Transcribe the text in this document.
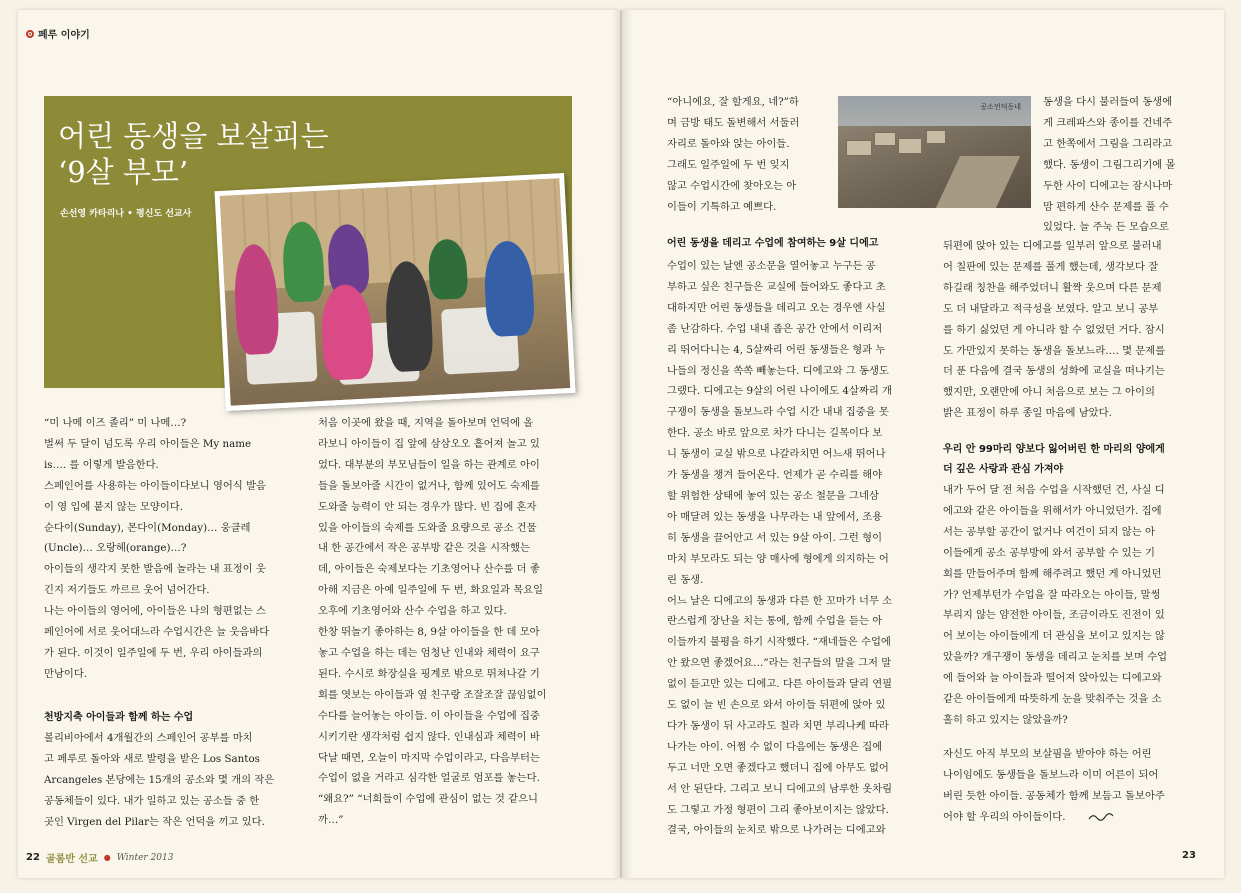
페루 이야기
어린 동생을 보살피는
‘9살 부모’
손선영 카타리나 • 평신도 선교사
공소언덕동네
“미 나메 이즈 졸리” 미 나메…?
벌써 두 달이 넘도록 우리 아이들은 My name
is…. 를 이렇게 발음한다.
스페인어를 사용하는 아이들이다보니 영어식 발음
이 영 입에 붙지 않는 모양이다.
순다이(Sunday), 몬다이(Monday)… 웅클레
(Uncle)… 오랑헤(orange)…?
아이들의 생각지 못한 발음에 놀라는 내 표정이 웃
긴지 저기들도 까르르 웃어 넘어간다.
나는 아이들의 영어에, 아이들은 나의 형편없는 스
페인어에 서로 웃어대느라 수업시간은 늘 웃음바다
가 된다. 이것이 일주일에 두 번, 우리 아이들과의
만남이다.
천방지축 아이들과 함께 하는 수업
볼리비아에서 4개월간의 스페인어 공부를 마치
고 페루로 돌아와 새로 발령을 받은 Los Santos
Arcangeles 본당에는 15개의 공소와 몇 개의 작은
공동체들이 있다. 내가 일하고 있는 공소들 중 한
곳인 Virgen del Pilar는 작은 언덕을 끼고 있다.
처음 이곳에 왔을 때, 지역을 돌아보며 언덕에 올
라보니 아이들이 집 앞에 삼삼오오 흩어져 놀고 있
었다. 대부분의 부모님들이 일을 하는 관계로 아이
들을 돌보아줄 시간이 없거나, 함께 있어도 숙제를
도와줄 능력이 안 되는 경우가 많다. 빈 집에 혼자
있을 아이들의 숙제를 도와줄 요량으로 공소 건물
내 한 공간에서 작은 공부방 같은 것을 시작했는
데, 아이들은 숙제보다는 기초영어나 산수를 더 좋
아해 지금은 아예 일주일에 두 번, 화요일과 목요일
오후에 기초영어와 산수 수업을 하고 있다.
한창 뛰놀기 좋아하는 8, 9살 아이들을 한 데 모아
놓고 수업을 하는 데는 엄청난 인내와 체력이 요구
된다. 수시로 화장실을 핑계로 밖으로 뛰쳐나갈 기
회를 엿보는 아이들과 옆 친구랑 조잘조잘 끊임없이
수다를 늘어놓는 아이들. 이 아이들을 수업에 집중
시키기란 생각처럼 쉽지 않다. 인내심과 체력이 바
닥날 때면, 오늘이 마지막 수업이라고, 다음부터는
수업이 없을 거라고 심각한 얼굴로 엄포를 놓는다.
“왜요?” “너희들이 수업에 관심이 없는 것 같으니
까…”
“아니에요, 잘 할게요, 네?”하
며 금방 태도 돌변해서 서둘러
자리로 돌아와 앉는 아이들.
그래도 일주일에 두 번 잊지
않고 수업시간에 찾아오는 아
이들이 기특하고 예쁘다.
어린 동생을 데리고 수업에 참여하는 9살 디에고
수업이 있는 날엔 공소문을 열어놓고 누구든 공
부하고 싶은 친구들은 교실에 들어와도 좋다고 초
대하지만 어린 동생들을 데리고 오는 경우엔 사실
좀 난감하다. 수업 내내 좁은 공간 안에서 이리저
리 뛰어다니는 4, 5살짜리 어린 동생들은 형과 누
나들의 정신을 쏙쏙 빼놓는다. 디에고와 그 동생도
그랬다. 디에고는 9살의 어린 나이에도 4살짜리 개
구쟁이 동생을 돌보느라 수업 시간 내내 집중을 못
한다. 공소 바로 앞으로 차가 다니는 길목이다 보
니 동생이 교실 밖으로 나갈라치면 어느새 뛰어나
가 동생을 챙겨 들어온다. 언제가 곧 수리를 해야
할 위험한 상태에 놓여 있는 공소 철문을 그네삼
아 매달려 있는 동생을 나무라는 내 앞에서, 조용
히 동생을 끌어안고 서 있는 9살 아이. 그런 형이
마치 부모라도 되는 양 매사에 형에게 의지하는 어
린 동생.
어느 날은 디에고의 동생과 다른 한 꼬마가 너무 소
란스럽게 장난을 치는 통에, 함께 수업을 듣는 아
이들까지 불평을 하기 시작했다. “재네들은 수업에
안 왔으면 좋겠어요…”라는 친구들의 말을 그저 말
없이 듣고만 있는 디에고. 다른 아이들과 달리 연필
도 없이 늘 빈 손으로 와서 아이들 뒤편에 앉아 있
다가 동생이 뒤 사고라도 칠라 치면 부리나케 따라
나가는 아이. 어쩜 수 없이 다음에는 동생은 집에
두고 너만 오면 좋겠다고 했더니 집에 아무도 없어
서 안 된단다. 그리고 보니 디에고의 남루한 옷차림
도 그렇고 가정 형편이 그리 좋아보이지는 않았다.
결국, 아이들의 눈치로 밖으로 나가려는 디에고와
동생을 다시 불러들여 동생에
게 크레파스와 종이를 건네주
고 한쪽에서 그림을 그리라고
했다. 동생이 그림그리기에 몰
두한 사이 디에고는 잠시나마
맘 편하게 산수 문제를 풀 수
있었다. 늘 주눅 든 모습으로
뒤편에 앉아 있는 디에고를 일부러 앞으로 불러내
어 칠판에 있는 문제를 풀게 했는데, 생각보다 잘
하길래 칭찬을 해주었더니 활짝 웃으며 다른 문제
도 더 내달라고 적극성을 보였다. 알고 보니 공부
를 하기 싫었던 게 아니라 할 수 없었던 거다. 잠시
도 가만있지 못하는 동생을 돌보느라…. 몇 문제를
더 푼 다음에 결국 동생의 성화에 교실을 떠나기는
했지만, 오랜만에 아니 처음으로 보는 그 아이의
밝은 표정이 하루 종일 마음에 남았다.
우리 안 99마리 양보다 잃어버린 한 마리의 양에게
더 깊은 사랑과 관심 가져야
내가 두어 달 전 처음 수업을 시작했던 건, 사실 디
에고와 같은 아이들을 위해서가 아니었던가. 집에
서는 공부할 공간이 없거나 여건이 되지 않는 아
이들에게 공소 공부방에 와서 공부할 수 있는 기
회를 만들어주며 함께 해주려고 했던 게 아니었던
가? 언제부턴가 수업을 잘 따라오는 아이들, 말썽
부리지 않는 얌전한 아이들, 조금이라도 진전이 있
어 보이는 아이들에게 더 관심을 보이고 있지는 않
았을까? 개구쟁이 동생을 데리고 눈치를 보며 수업
에 들어와 늘 아이들과 떨어져 앉아있는 디에고와
같은 아이들에게 따뜻하게 눈을 맞춰주는 것을 소
홀히 하고 있지는 않았을까?
자신도 아직 부모의 보살핌을 받아야 하는 어린
나이임에도 동생들을 돌보느라 이미 어른이 되어
버린 듯한 아이들. 공동체가 함께 보듬고 돌보아주
어야 할 우리의 아이들이다.
22 골롬반 선교 ● Winter 2013	23
